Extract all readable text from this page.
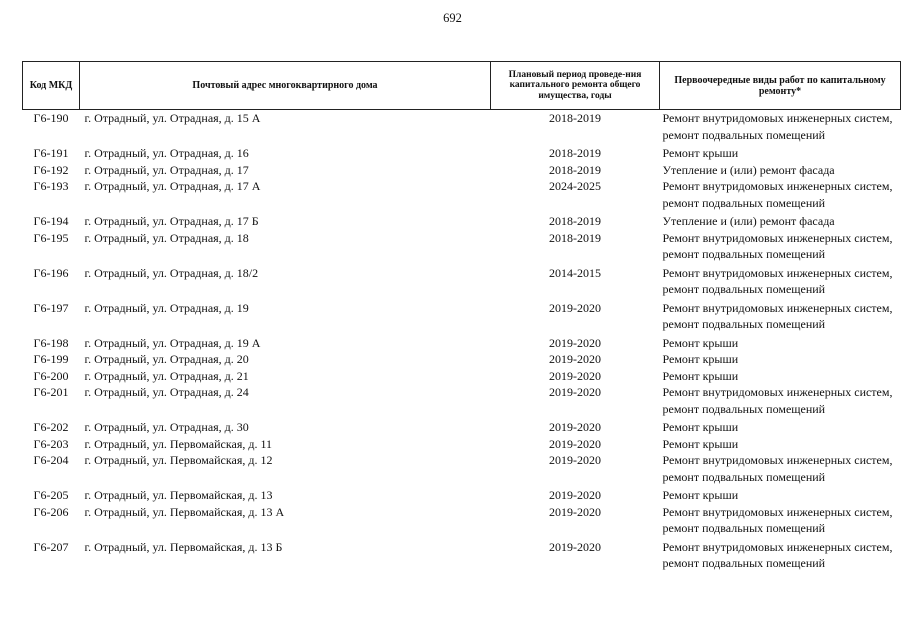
692
Код МКД	Почтовый адрес многоквартирного дома	Плановый период проведе-ния капитального ремонта общего имущества, годы	Первоочередные виды работ по капитальному ремонту*
Г6-190	г. Отрадный, ул. Отрадная, д. 15 А	2018-2019	Ремонт внутридомовых инженерных систем,
ремонт подвальных помещений

Г6-191	г. Отрадный, ул. Отрадная, д. 16	2018-2019	Ремонт крыши

Г6-192	г. Отрадный, ул. Отрадная, д. 17	2018-2019	Утепление и (или) ремонт фасада

Г6-193	г. Отрадный, ул. Отрадная, д. 17 А	2024-2025	Ремонт внутридомовых инженерных систем,
ремонт подвальных помещений

Г6-194	г. Отрадный, ул. Отрадная, д. 17 Б	2018-2019	Утепление и (или) ремонт фасада

Г6-195	г. Отрадный, ул. Отрадная, д. 18	2018-2019	Ремонт внутридомовых инженерных систем,
ремонт подвальных помещений

Г6-196	г. Отрадный, ул. Отрадная, д. 18/2	2014-2015	Ремонт внутридомовых инженерных систем,
ремонт подвальных помещений

Г6-197	г. Отрадный, ул. Отрадная, д. 19	2019-2020	Ремонт внутридомовых инженерных систем,
ремонт подвальных помещений

Г6-198	г. Отрадный, ул. Отрадная, д. 19 А	2019-2020	Ремонт крыши

Г6-199	г. Отрадный, ул. Отрадная, д. 20	2019-2020	Ремонт крыши

Г6-200	г. Отрадный, ул. Отрадная, д. 21	2019-2020	Ремонт крыши

Г6-201	г. Отрадный, ул. Отрадная, д. 24	2019-2020	Ремонт внутридомовых инженерных систем,
ремонт подвальных помещений

Г6-202	г. Отрадный, ул. Отрадная, д. 30	2019-2020	Ремонт крыши

Г6-203	г. Отрадный, ул. Первомайская, д. 11	2019-2020	Ремонт крыши

Г6-204	г. Отрадный, ул. Первомайская, д. 12	2019-2020	Ремонт внутридомовых инженерных систем,
ремонт подвальных помещений

Г6-205	г. Отрадный, ул. Первомайская, д. 13	2019-2020	Ремонт крыши

Г6-206	г. Отрадный, ул. Первомайская, д. 13 А	2019-2020	Ремонт внутридомовых инженерных систем,
ремонт подвальных помещений

Г6-207	г. Отрадный, ул. Первомайская, д. 13 Б	2019-2020	Ремонт внутридомовых инженерных систем,
ремонт подвальных помещений
